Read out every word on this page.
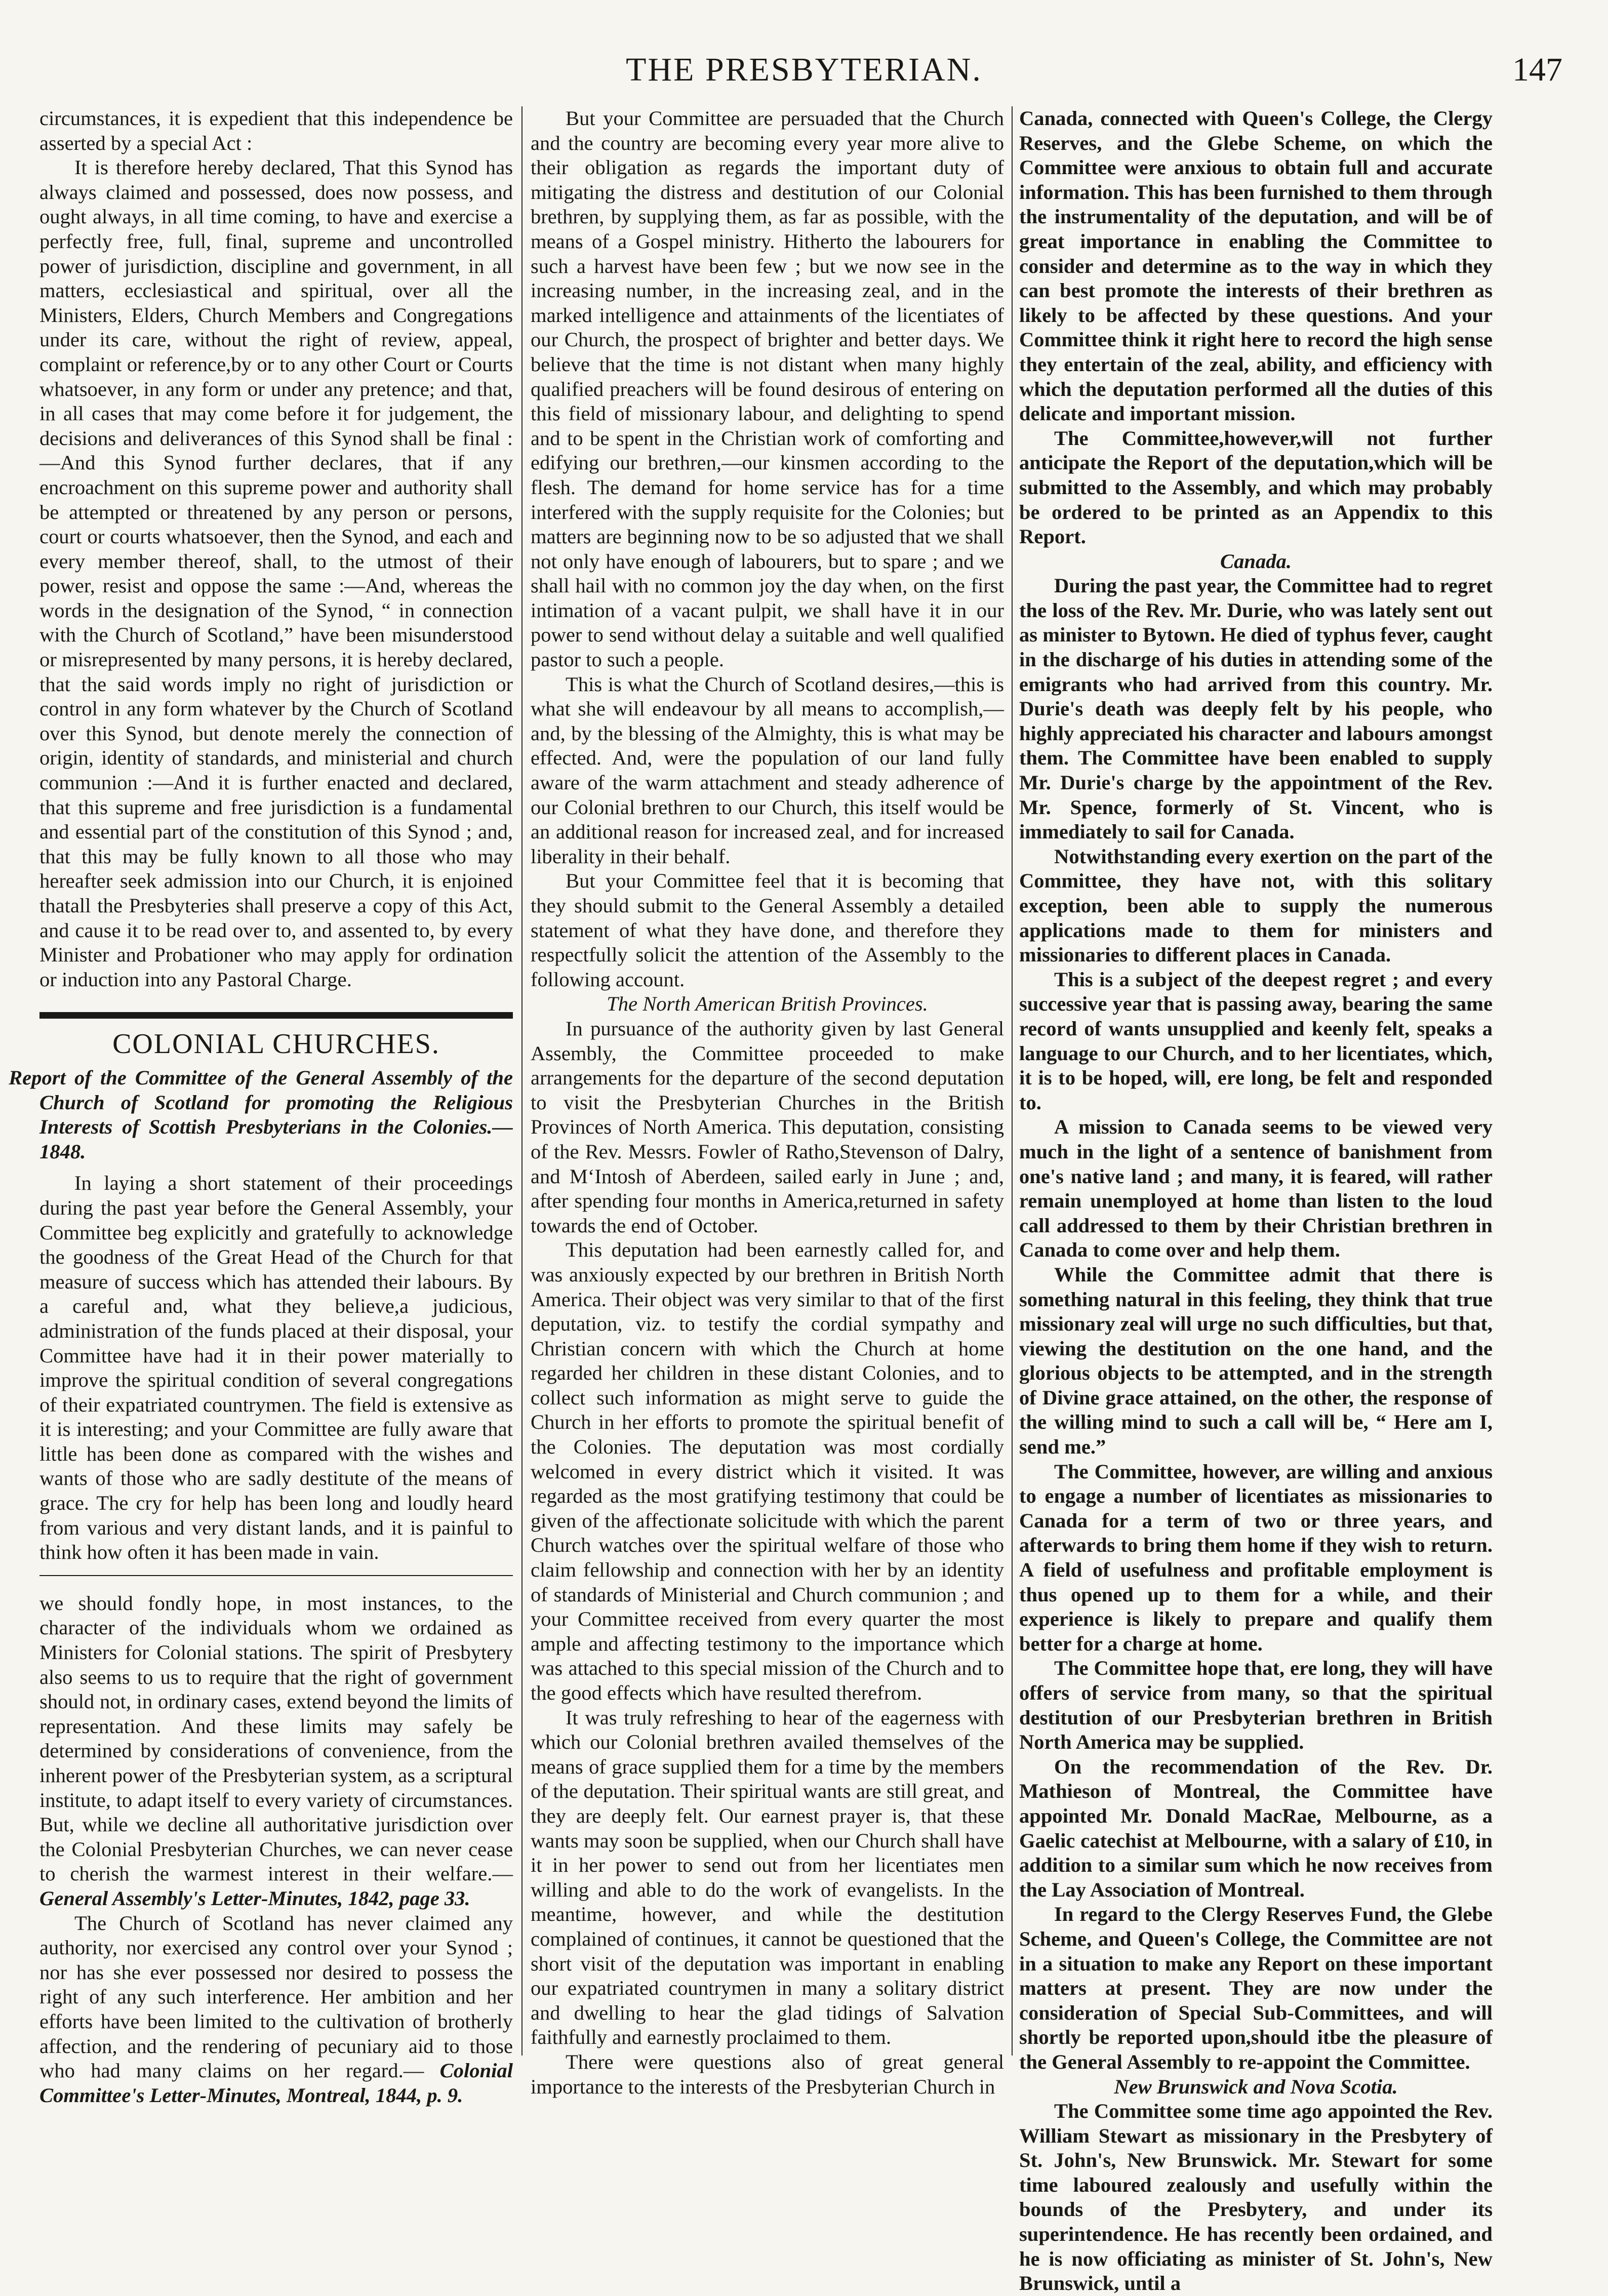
THE PRESBYTERIAN.	147

circumstances, it is expedient that this independence be asserted by a special Act :

It is therefore hereby declared, That this Synod has always claimed and possessed, does now possess, and ought always, in all time coming, to have and exercise a perfectly free, full, final, supreme and uncontrolled power of jurisdiction, discipline and government, in all matters, ecclesiastical and spiritual, over all the Ministers, Elders, Church Members and Congregations under its care, without the right of review, appeal, complaint or reference,by or to any other Court or Courts whatsoever, in any form or under any pretence; and that, in all cases that may come before it for judgement, the decisions and deliverances of this Synod shall be final :—And this Synod further declares, that if any encroachment on this supreme power and authority shall be attempted or threatened by any person or persons, court or courts whatsoever, then the Synod, and each and every member thereof, shall, to the utmost of their power, resist and oppose the same :—And, whereas the words in the designation of the Synod, “ in connection with the Church of Scotland,” have been misunderstood or misrepresented by many persons, it is hereby declared, that the said words imply no right of jurisdiction or control in any form whatever by the Church of Scotland over this Synod, but denote merely the connection of origin, identity of standards, and ministerial and church communion :—And it is further enacted and declared, that this supreme and free jurisdiction is a fundamental and essential part of the constitution of this Synod ; and, that this may be fully known to all those who may hereafter seek admission into our Church, it is enjoined thatall the Presbyteries shall preserve a copy of this Act, and cause it to be read over to, and assented to, by every Minister and Probationer who may apply for ordination or induction into any Pastoral Charge.

COLONIAL CHURCHES.

Report of the Committee of the General Assembly of the Church of Scotland for promoting the Religious Interests of Scottish Presbyterians in the Colonies.—1848.

In laying a short statement of their proceedings during the past year before the General Assembly, your Committee beg explicitly and gratefully to acknowledge the goodness of the Great Head of the Church for that measure of success which has attended their labours. By a careful and, what they believe,a judicious, administration of the funds placed at their disposal, your Committee have had it in their power materially to improve the spiritual condition of several congregations of their expatriated countrymen. The field is extensive as it is interesting; and your Committee are fully aware that little has been done as compared with the wishes and wants of those who are sadly destitute of the means of grace. The cry for help has been long and loudly heard from various and very distant lands, and it is painful to think how often it has been made in vain.

we should fondly hope, in most instances, to the character of the individuals whom we ordained as Ministers for Colonial stations. The spirit of Presbytery also seems to us to require that the right of government should not, in ordinary cases, extend beyond the limits of representation. And these limits may safely be determined by considerations of convenience, from the inherent power of the Presbyterian system, as a scriptural institute, to adapt itself to every variety of circumstances. But, while we decline all authoritative jurisdiction over the Colonial Presbyterian Churches, we can never cease to cherish the warmest interest in their welfare.— General Assembly's Letter-Minutes, 1842, page 33.

The Church of Scotland has never claimed any authority, nor exercised any control over your Synod ; nor has she ever possessed nor desired to possess the right of any such interference. Her ambition and her efforts have been limited to the cultivation of brotherly affection, and the rendering of pecuniary aid to those who had many claims on her regard.— Colonial Committee's Letter-Minutes, Montreal, 1844, p. 9.

But your Committee are persuaded that the Church and the country are becoming every year more alive to their obligation as regards the important duty of mitigating the distress and destitution of our Colonial brethren, by supplying them, as far as possible, with the means of a Gospel ministry. Hitherto the labourers for such a harvest have been few ; but we now see in the increasing number, in the increasing zeal, and in the marked intelligence and attainments of the licentiates of our Church, the prospect of brighter and better days. We believe that the time is not distant when many highly qualified preachers will be found desirous of entering on this field of missionary labour, and delighting to spend and to be spent in the Christian work of comforting and edifying our brethren,—our kinsmen according to the flesh. The demand for home service has for a time interfered with the supply requisite for the Colonies; but matters are beginning now to be so adjusted that we shall not only have enough of labourers, but to spare ; and we shall hail with no common joy the day when, on the first intimation of a vacant pulpit, we shall have it in our power to send without delay a suitable and well qualified pastor to such a people.

This is what the Church of Scotland desires,—this is what she will endeavour by all means to accomplish,—and, by the blessing of the Almighty, this is what may be effected. And, were the population of our land fully aware of the warm attachment and steady adherence of our Colonial brethren to our Church, this itself would be an additional reason for increased zeal, and for increased liberality in their behalf.

But your Committee feel that it is becoming that they should submit to the General Assembly a detailed statement of what they have done, and therefore they respectfully solicit the attention of the Assembly to the following account.

The North American British Provinces.

In pursuance of the authority given by last General Assembly, the Committee proceeded to make arrangements for the departure of the second deputation to visit the Presbyterian Churches in the British Provinces of North America. This deputation, consisting of the Rev. Messrs. Fowler of Ratho,Stevenson of Dalry, and M‘Intosh of Aberdeen, sailed early in June ; and, after spending four months in America,returned in safety towards the end of October.

This deputation had been earnestly called for, and was anxiously expected by our brethren in British North America. Their object was very similar to that of the first deputation, viz. to testify the cordial sympathy and Christian concern with which the Church at home regarded her children in these distant Colonies, and to collect such information as might serve to guide the Church in her efforts to promote the spiritual benefit of the Colonies. The deputation was most cordially welcomed in every district which it visited. It was regarded as the most gratifying testimony that could be given of the affectionate solicitude with which the parent Church watches over the spiritual welfare of those who claim fellowship and connection with her by an identity of standards of Ministerial and Church communion ; and your Committee received from every quarter the most ample and affecting testimony to the importance which was attached to this special mission of the Church and to the good effects which have resulted therefrom.

It was truly refreshing to hear of the eagerness with which our Colonial brethren availed themselves of the means of grace supplied them for a time by the members of the deputation. Their spiritual wants are still great, and they are deeply felt. Our earnest prayer is, that these wants may soon be supplied, when our Church shall have it in her power to send out from her licentiates men willing and able to do the work of evangelists. In the meantime, however, and while the destitution complained of continues, it cannot be questioned that the short visit of the deputation was important in enabling our expatriated countrymen in many a solitary district and dwelling to hear the glad tidings of Salvation faithfully and earnestly proclaimed to them.

There were questions also of great general importance to the interests of the Presbyterian Church in

Canada, connected with Queen's College, the Clergy Reserves, and the Glebe Scheme, on which the Committee were anxious to obtain full and accurate information. This has been furnished to them through the instrumentality of the deputation, and will be of great importance in enabling the Committee to consider and determine as to the way in which they can best promote the interests of their brethren as likely to be affected by these questions. And your Committee think it right here to record the high sense they entertain of the zeal, ability, and efficiency with which the deputation performed all the duties of this delicate and important mission.

The Committee,however,will not further anticipate the Report of the deputation,which will be submitted to the Assembly, and which may probably be ordered to be printed as an Appendix to this Report.

Canada.

During the past year, the Committee had to regret the loss of the Rev. Mr. Durie, who was lately sent out as minister to Bytown. He died of typhus fever, caught in the discharge of his duties in attending some of the emigrants who had arrived from this country. Mr. Durie's death was deeply felt by his people, who highly appreciated his character and labours amongst them. The Committee have been enabled to supply Mr. Durie's charge by the appointment of the Rev. Mr. Spence, formerly of St. Vincent, who is immediately to sail for Canada.

Notwithstanding every exertion on the part of the Committee, they have not, with this solitary exception, been able to supply the numerous applications made to them for ministers and missionaries to different places in Canada.

This is a subject of the deepest regret ; and every successive year that is passing away, bearing the same record of wants unsupplied and keenly felt, speaks a language to our Church, and to her licentiates, which, it is to be hoped, will, ere long, be felt and responded to.

A mission to Canada seems to be viewed very much in the light of a sentence of banishment from one's native land ; and many, it is feared, will rather remain unemployed at home than listen to the loud call addressed to them by their Christian brethren in Canada to come over and help them.

While the Committee admit that there is something natural in this feeling, they think that true missionary zeal will urge no such difficulties, but that, viewing the destitution on the one hand, and the glorious objects to be attempted, and in the strength of Divine grace attained, on the other, the response of the willing mind to such a call will be, “ Here am I, send me.”

The Committee, however, are willing and anxious to engage a number of licentiates as missionaries to Canada for a term of two or three years, and afterwards to bring them home if they wish to return. A field of usefulness and profitable employment is thus opened up to them for a while, and their experience is likely to prepare and qualify them better for a charge at home.

The Committee hope that, ere long, they will have offers of service from many, so that the spiritual destitution of our Presbyterian brethren in British North America may be supplied.

On the recommendation of the Rev. Dr. Mathieson of Montreal, the Committee have appointed Mr. Donald MacRae, Melbourne, as a Gaelic catechist at Melbourne, with a salary of £10, in addition to a similar sum which he now receives from the Lay Association of Montreal.

In regard to the Clergy Reserves Fund, the Glebe Scheme, and Queen's College, the Committee are not in a situation to make any Report on these important matters at present. They are now under the consideration of Special Sub-Committees, and will shortly be reported upon,should itbe the pleasure of the General Assembly to re-appoint the Committee.

New Brunswick and Nova Scotia.

The Committee some time ago appointed the Rev. William Stewart as missionary in the Presbytery of St. John's, New Brunswick. Mr. Stewart for some time laboured zealously and usefully within the bounds of the Presbytery, and under its superintendence. He has recently been ordained, and he is now officiating as minister of St. John's, New Brunswick, until a
